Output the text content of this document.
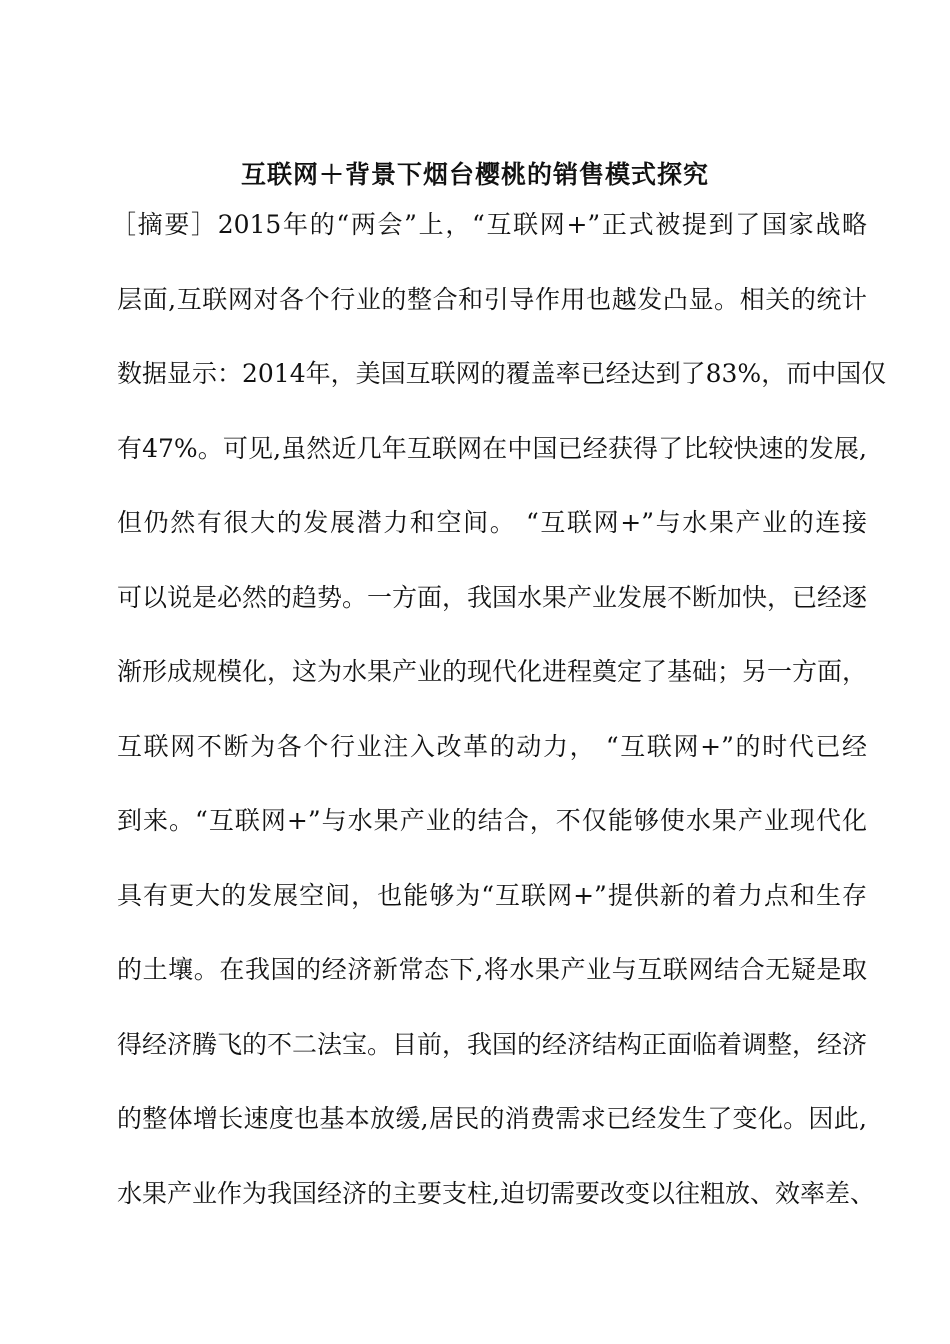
互联网＋背景下烟台樱桃的销售模式探究
［摘要］2015年的“两会”上，“互联网+”正式被提到了国家战略
层面,互联网对各个行业的整合和引导作用也越发凸显。相关的统计
数据显示：2014年，美国互联网的覆盖率已经达到了83%，而中国仅
有47%。可见,虽然近几年互联网在中国已经获得了比较快速的发展,
但仍然有很大的发展潜力和空间。 “互联网+”与水果产业的连接
可以说是必然的趋势。一方面，我国水果产业发展不断加快，已经逐
渐形成规模化，这为水果产业的现代化进程奠定了基础；另一方面，
互联网不断为各个行业注入改革的动力， “互联网+”的时代已经
到来。“互联网+”与水果产业的结合，不仅能够使水果产业现代化
具有更大的发展空间，也能够为“互联网+”提供新的着力点和生存
的土壤。在我国的经济新常态下,将水果产业与互联网结合无疑是取
得经济腾飞的不二法宝。目前，我国的经济结构正面临着调整，经济
的整体增长速度也基本放缓,居民的消费需求已经发生了变化。因此,
水果产业作为我国经济的主要支柱,迫切需要改变以往粗放、效率差、
